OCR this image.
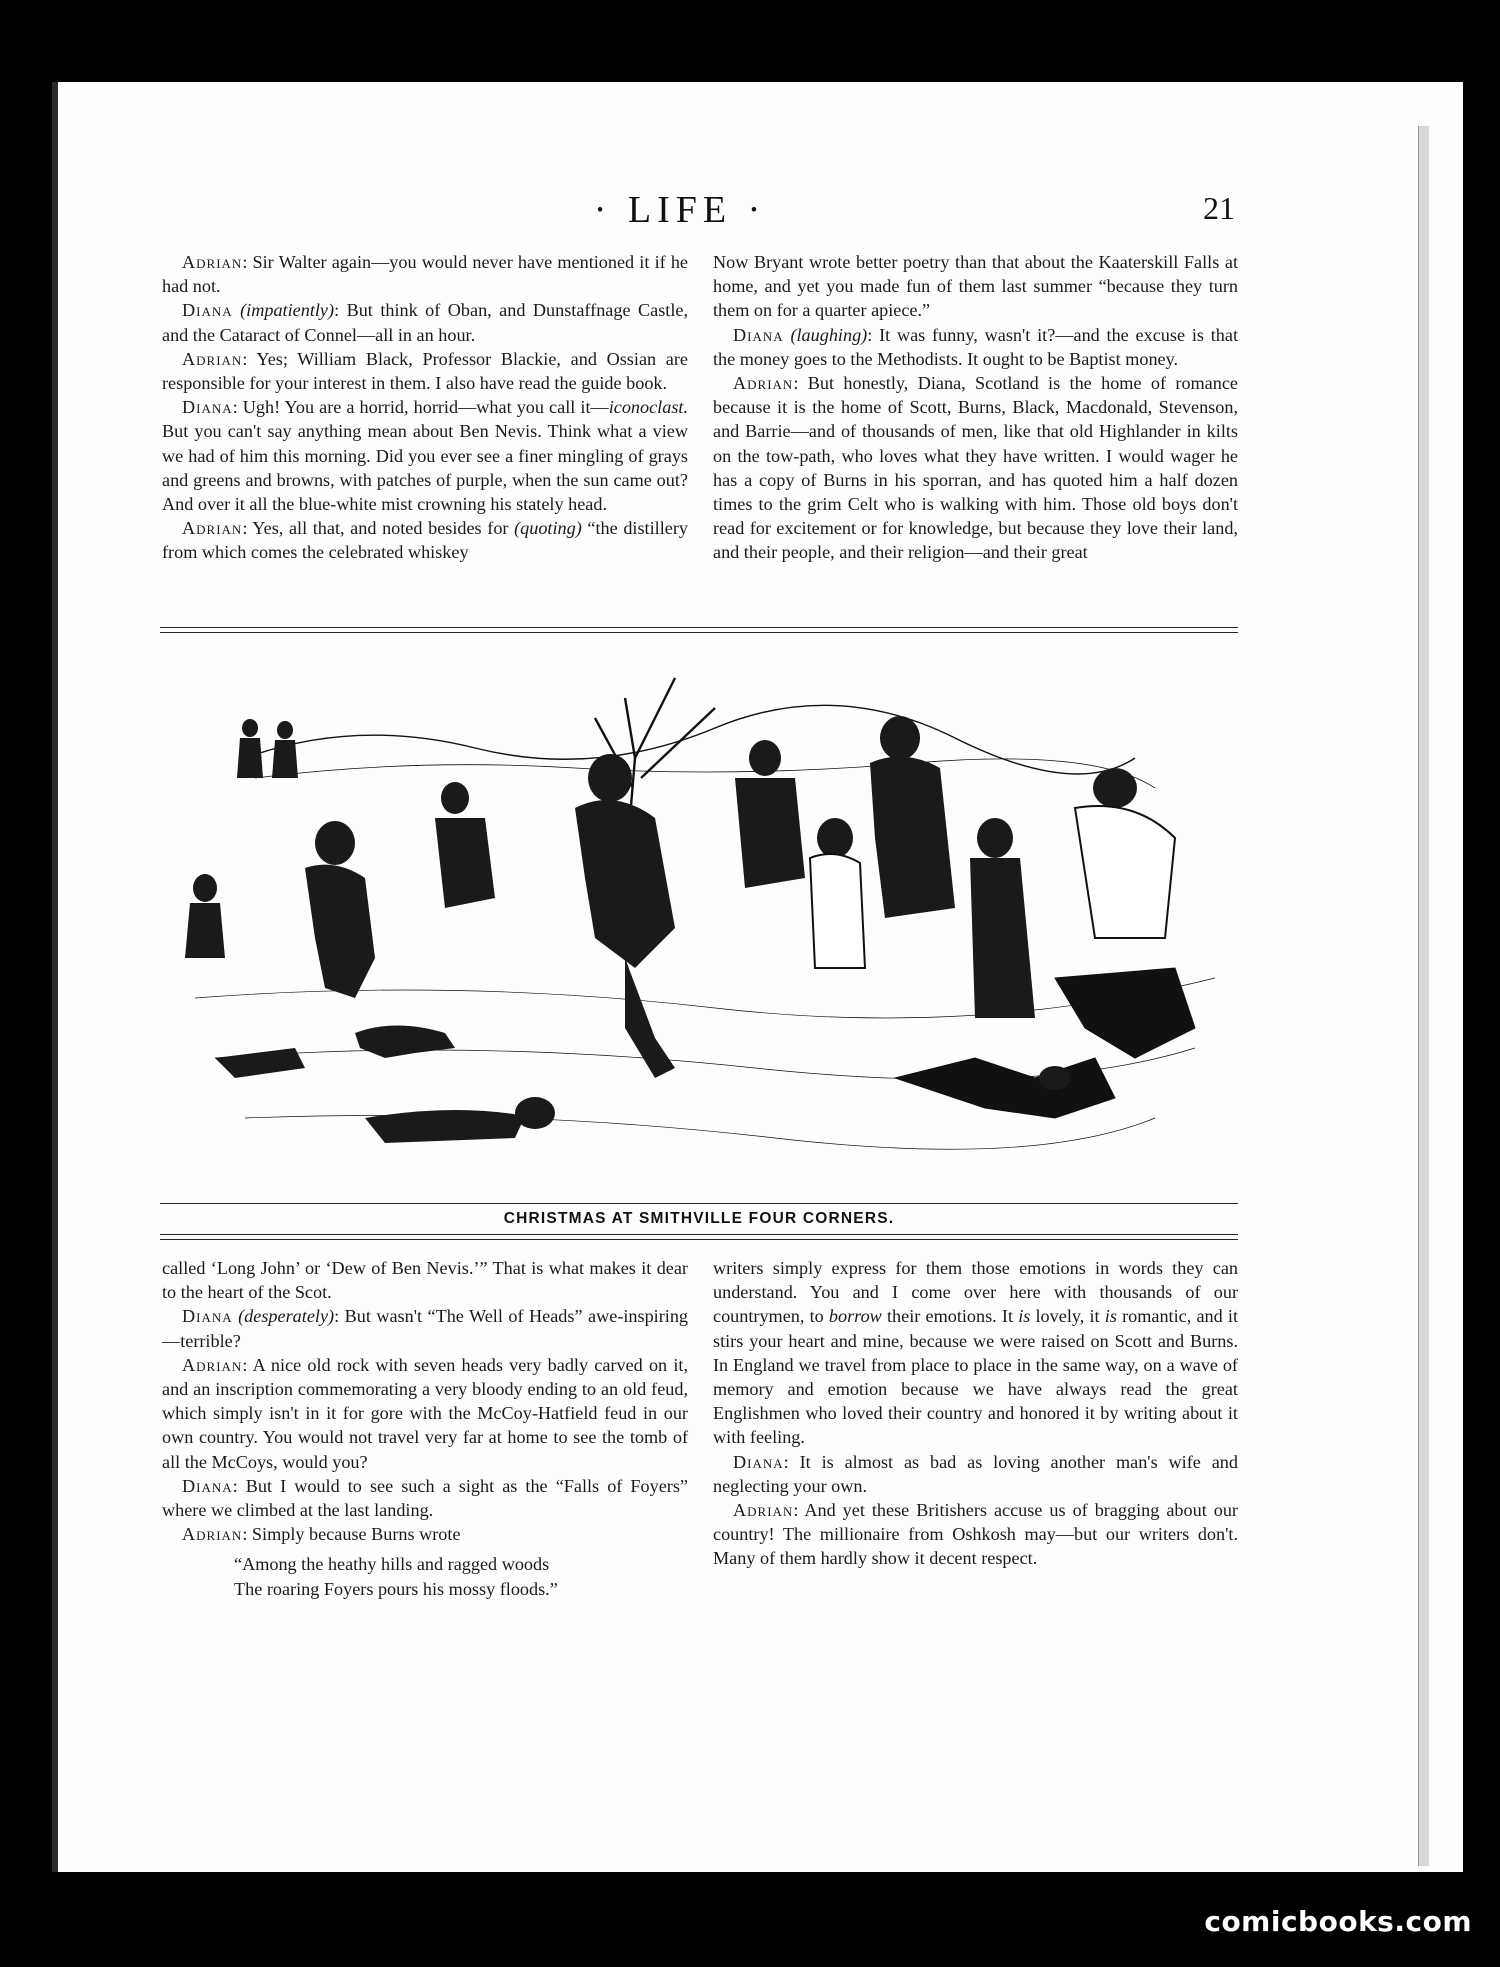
· LIFE ·	21

Adrian: Sir Walter again—you would never have mentioned it if he had not.

Diana (impatiently): But think of Oban, and Dunstaffnage Castle, and the Cataract of Connel—all in an hour.

Adrian: Yes; William Black, Professor Blackie, and Ossian are responsible for your interest in them. I also have read the guide book.

Diana: Ugh! You are a horrid, horrid—what you call it—iconoclast. But you can't say anything mean about Ben Nevis. Think what a view we had of him this morning. Did you ever see a finer mingling of grays and greens and browns, with patches of purple, when the sun came out? And over it all the blue-white mist crowning his stately head.

Adrian: Yes, all that, and noted besides for (quoting) “the distillery from which comes the celebrated whiskey

Now Bryant wrote better poetry than that about the Kaaterskill Falls at home, and yet you made fun of them last summer “because they turn them on for a quarter apiece.”

Diana (laughing): It was funny, wasn't it?—and the excuse is that the money goes to the Methodists. It ought to be Baptist money.

Adrian: But honestly, Diana, Scotland is the home of romance because it is the home of Scott, Burns, Black, Macdonald, Stevenson, and Barrie—and of thousands of men, like that old Highlander in kilts on the tow-path, who loves what they have written. I would wager he has a copy of Burns in his sporran, and has quoted him a half dozen times to the grim Celt who is walking with him. Those old boys don't read for excitement or for knowledge, but because they love their land, and their people, and their religion—and their great

CHRISTMAS AT SMITHVILLE FOUR CORNERS.

called ‘Long John’ or ‘Dew of Ben Nevis.’” That is what makes it dear to the heart of the Scot.

Diana (desperately): But wasn't “The Well of Heads” awe-inspiring—terrible?

Adrian: A nice old rock with seven heads very badly carved on it, and an inscription commemorating a very bloody ending to an old feud, which simply isn't in it for gore with the McCoy-Hatfield feud in our own country. You would not travel very far at home to see the tomb of all the McCoys, would you?

Diana: But I would to see such a sight as the “Falls of Foyers” where we climbed at the last landing.

Adrian: Simply because Burns wrote

“Among the heathy hills and ragged woods
The roaring Foyers pours his mossy floods.”

writers simply express for them those emotions in words they can understand. You and I come over here with thousands of our countrymen, to borrow their emotions. It is lovely, it is romantic, and it stirs your heart and mine, because we were raised on Scott and Burns. In England we travel from place to place in the same way, on a wave of memory and emotion because we have always read the great Englishmen who loved their country and honored it by writing about it with feeling.

Diana: It is almost as bad as loving another man's wife and neglecting your own.

Adrian: And yet these Britishers accuse us of bragging about our country! The millionaire from Oshkosh may—but our writers don't. Many of them hardly show it decent respect.

comicbooks.com
